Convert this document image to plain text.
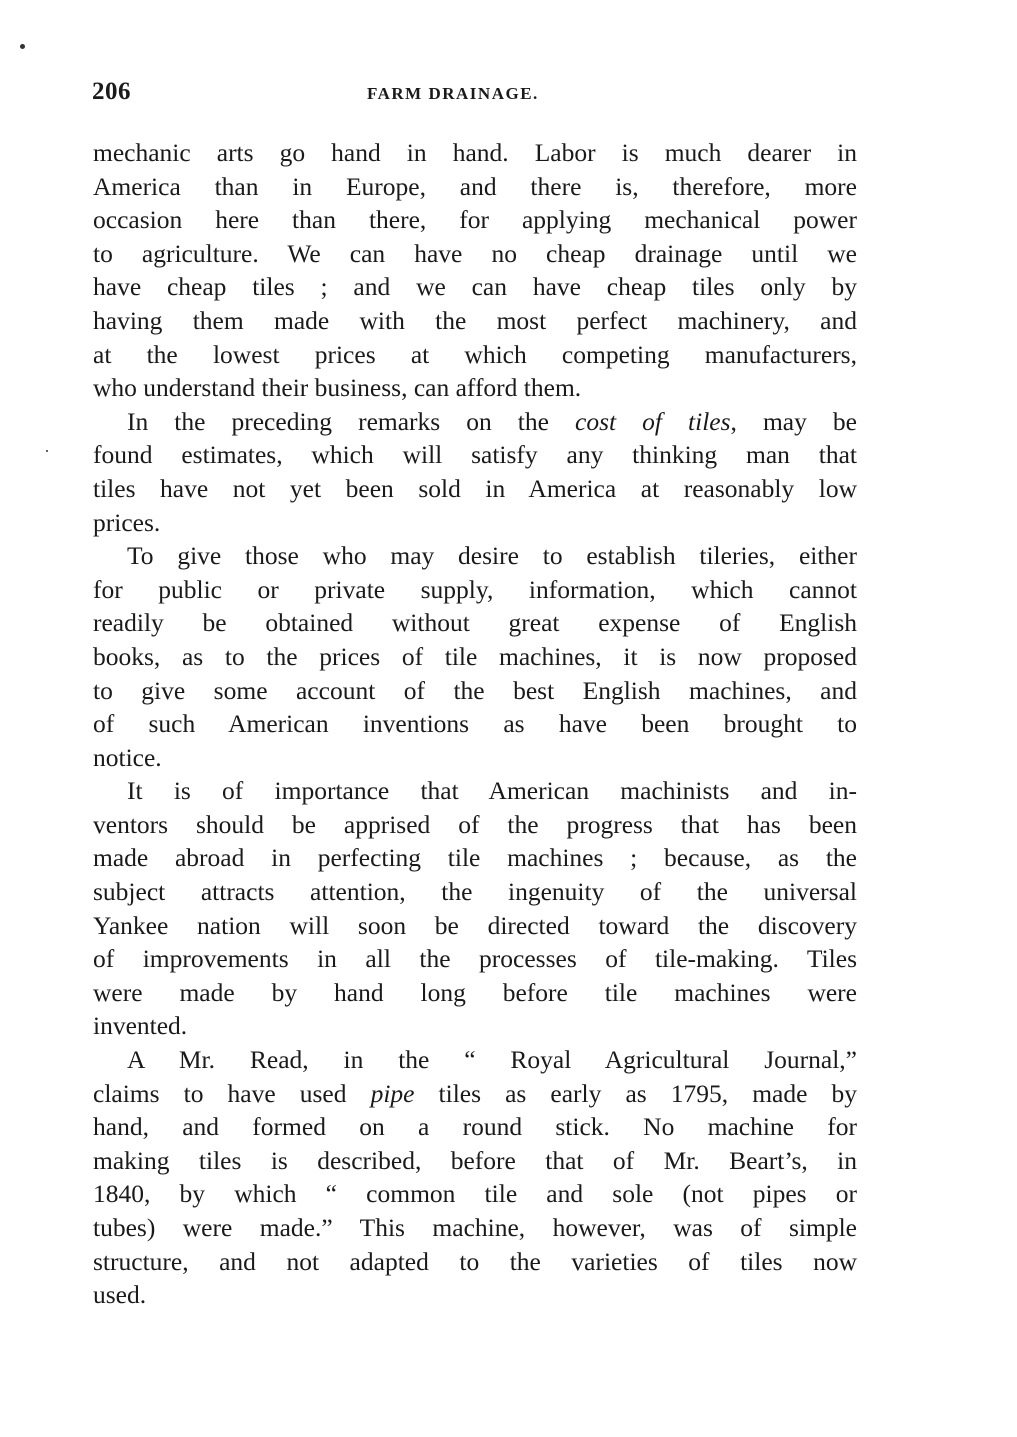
206	FARM DRAINAGE.
mechanic arts go hand in hand. Labor is much dearer in
America than in Europe, and there is, therefore, more
occasion here than there, for applying mechanical power
to agriculture. We can have no cheap drainage until we
have cheap tiles ; and we can have cheap tiles only by
having them made with the most perfect machinery, and
at the lowest prices at which competing manufacturers,
who understand their business, can afford them.
In the preceding remarks on the cost of tiles, may be
found estimates, which will satisfy any thinking man that
tiles have not yet been sold in America at reasonably low
prices.
To give those who may desire to establish tileries, either
for public or private supply, information, which cannot
readily be obtained without great expense of English
books, as to the prices of tile machines, it is now proposed
to give some account of the best English machines, and
of such American inventions as have been brought to
notice.
It is of importance that American machinists and in-
ventors should be apprised of the progress that has been
made abroad in perfecting tile machines ; because, as the
subject attracts attention, the ingenuity of the universal
Yankee nation will soon be directed toward the discovery
of improvements in all the processes of tile-making. Tiles
were made by hand long before tile machines were
invented.
A Mr. Read, in the “ Royal Agricultural Journal,”
claims to have used pipe tiles as early as 1795, made by
hand, and formed on a round stick. No machine for
making tiles is described, before that of Mr. Beart’s, in
1840, by which “ common tile and sole (not pipes or
tubes) were made.” This machine, however, was of simple
structure, and not adapted to the varieties of tiles now
used.
